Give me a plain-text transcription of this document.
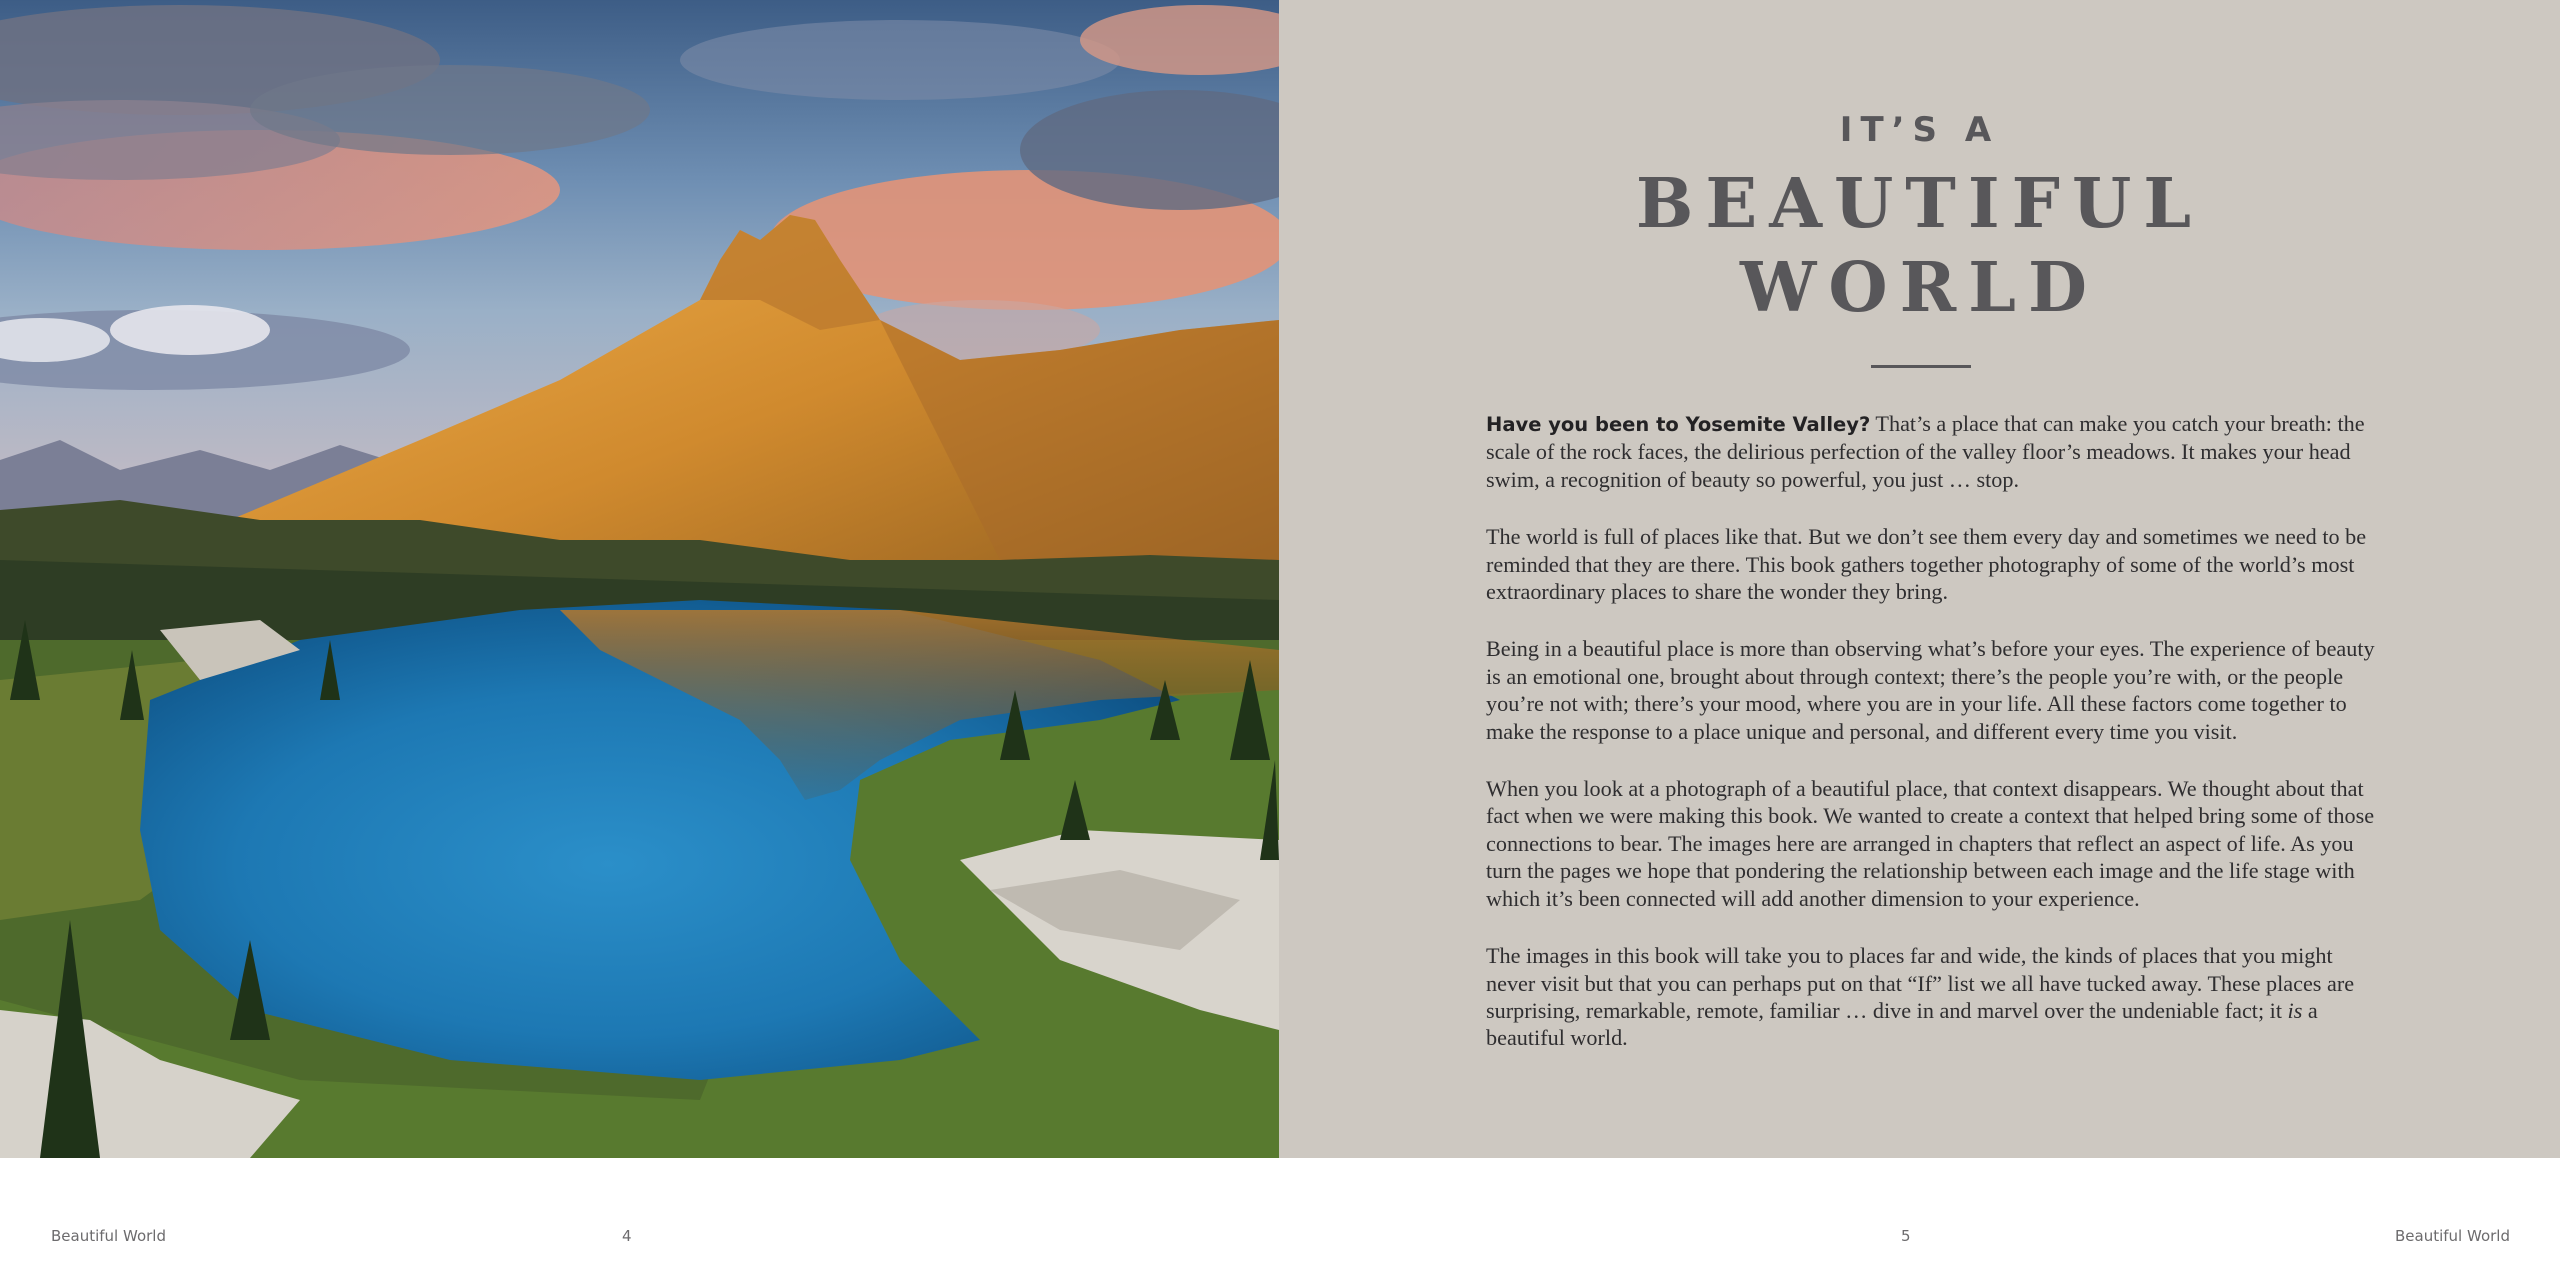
IT’S A
BEAUTIFUL
WORLD

Have you been to Yosemite Valley? That’s a place that can make you catch your breath: the scale of the rock faces, the delirious perfection of the valley floor’s meadows. It makes your head swim, a recognition of beauty so powerful, you just … stop.

The world is full of places like that. But we don’t see them every day and sometimes we need to be reminded that they are there. This book gathers together photography of some of the world’s most extraordinary places to share the wonder they bring.

Being in a beautiful place is more than observing what’s before your eyes. The experience of beauty is an emotional one, brought about through context; there’s the people you’re with, or the people you’re not with; there’s your mood, where you are in your life. All these factors come together to make the response to a place unique and personal, and different every time you visit.

When you look at a photograph of a beautiful place, that context disappears. We thought about that fact when we were making this book. We wanted to create a context that helped bring some of those connections to bear. The images here are arranged in chapters that reflect an aspect of life. As you turn the pages we hope that pondering the relationship between each image and the life stage with which it’s been connected will add another dimension to your experience.

The images in this book will take you to places far and wide, the kinds of places that you might never visit but that you can perhaps put on that “If” list we all have tucked away. These places are surprising, remarkable, remote, familiar … dive in and marvel over the undeniable fact; it is a beautiful world.

Beautiful World	4	5	Beautiful World
